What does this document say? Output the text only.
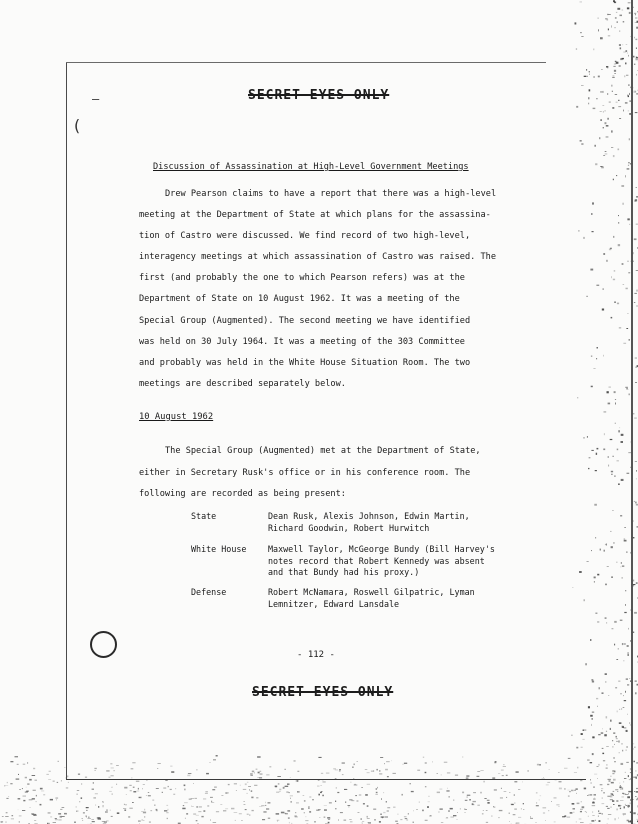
(
—	SECRET EYES ONLY
Discussion of Assassination at High-Level Government Meetings

Drew Pearson claims to have a report that there was a high-level

meeting at the Department of State at which plans for the assassina-

tion of Castro were discussed. We find record of two high-level,

interagency meetings at which assassination of Castro was raised. The

first (and probably the one to which Pearson refers) was at the

Department of State on 10 August 1962. It was a meeting of the

Special Group (Augmented). The second meeting we have identified

was held on 30 July 1964. It was a meeting of the 303 Committee

and probably was held in the White House Situation Room. The two

meetings are described separately below.

10 August 1962

The Special Group (Augmented) met at the Department of State,

either in Secretary Rusk's office or in his conference room. The

following are recorded as being present:

State	Dean Rusk, Alexis Johnson, Edwin Martin,
Richard Goodwin, Robert Hurwitch
White House	Maxwell Taylor, McGeorge Bundy (Bill Harvey's
notes record that Robert Kennedy was absent
and that Bundy had his proxy.)
Defense	Robert McNamara, Roswell Gilpatric, Lyman
Lemnitzer, Edward Lansdale
- 112 -
SECRET EYES ONLY
